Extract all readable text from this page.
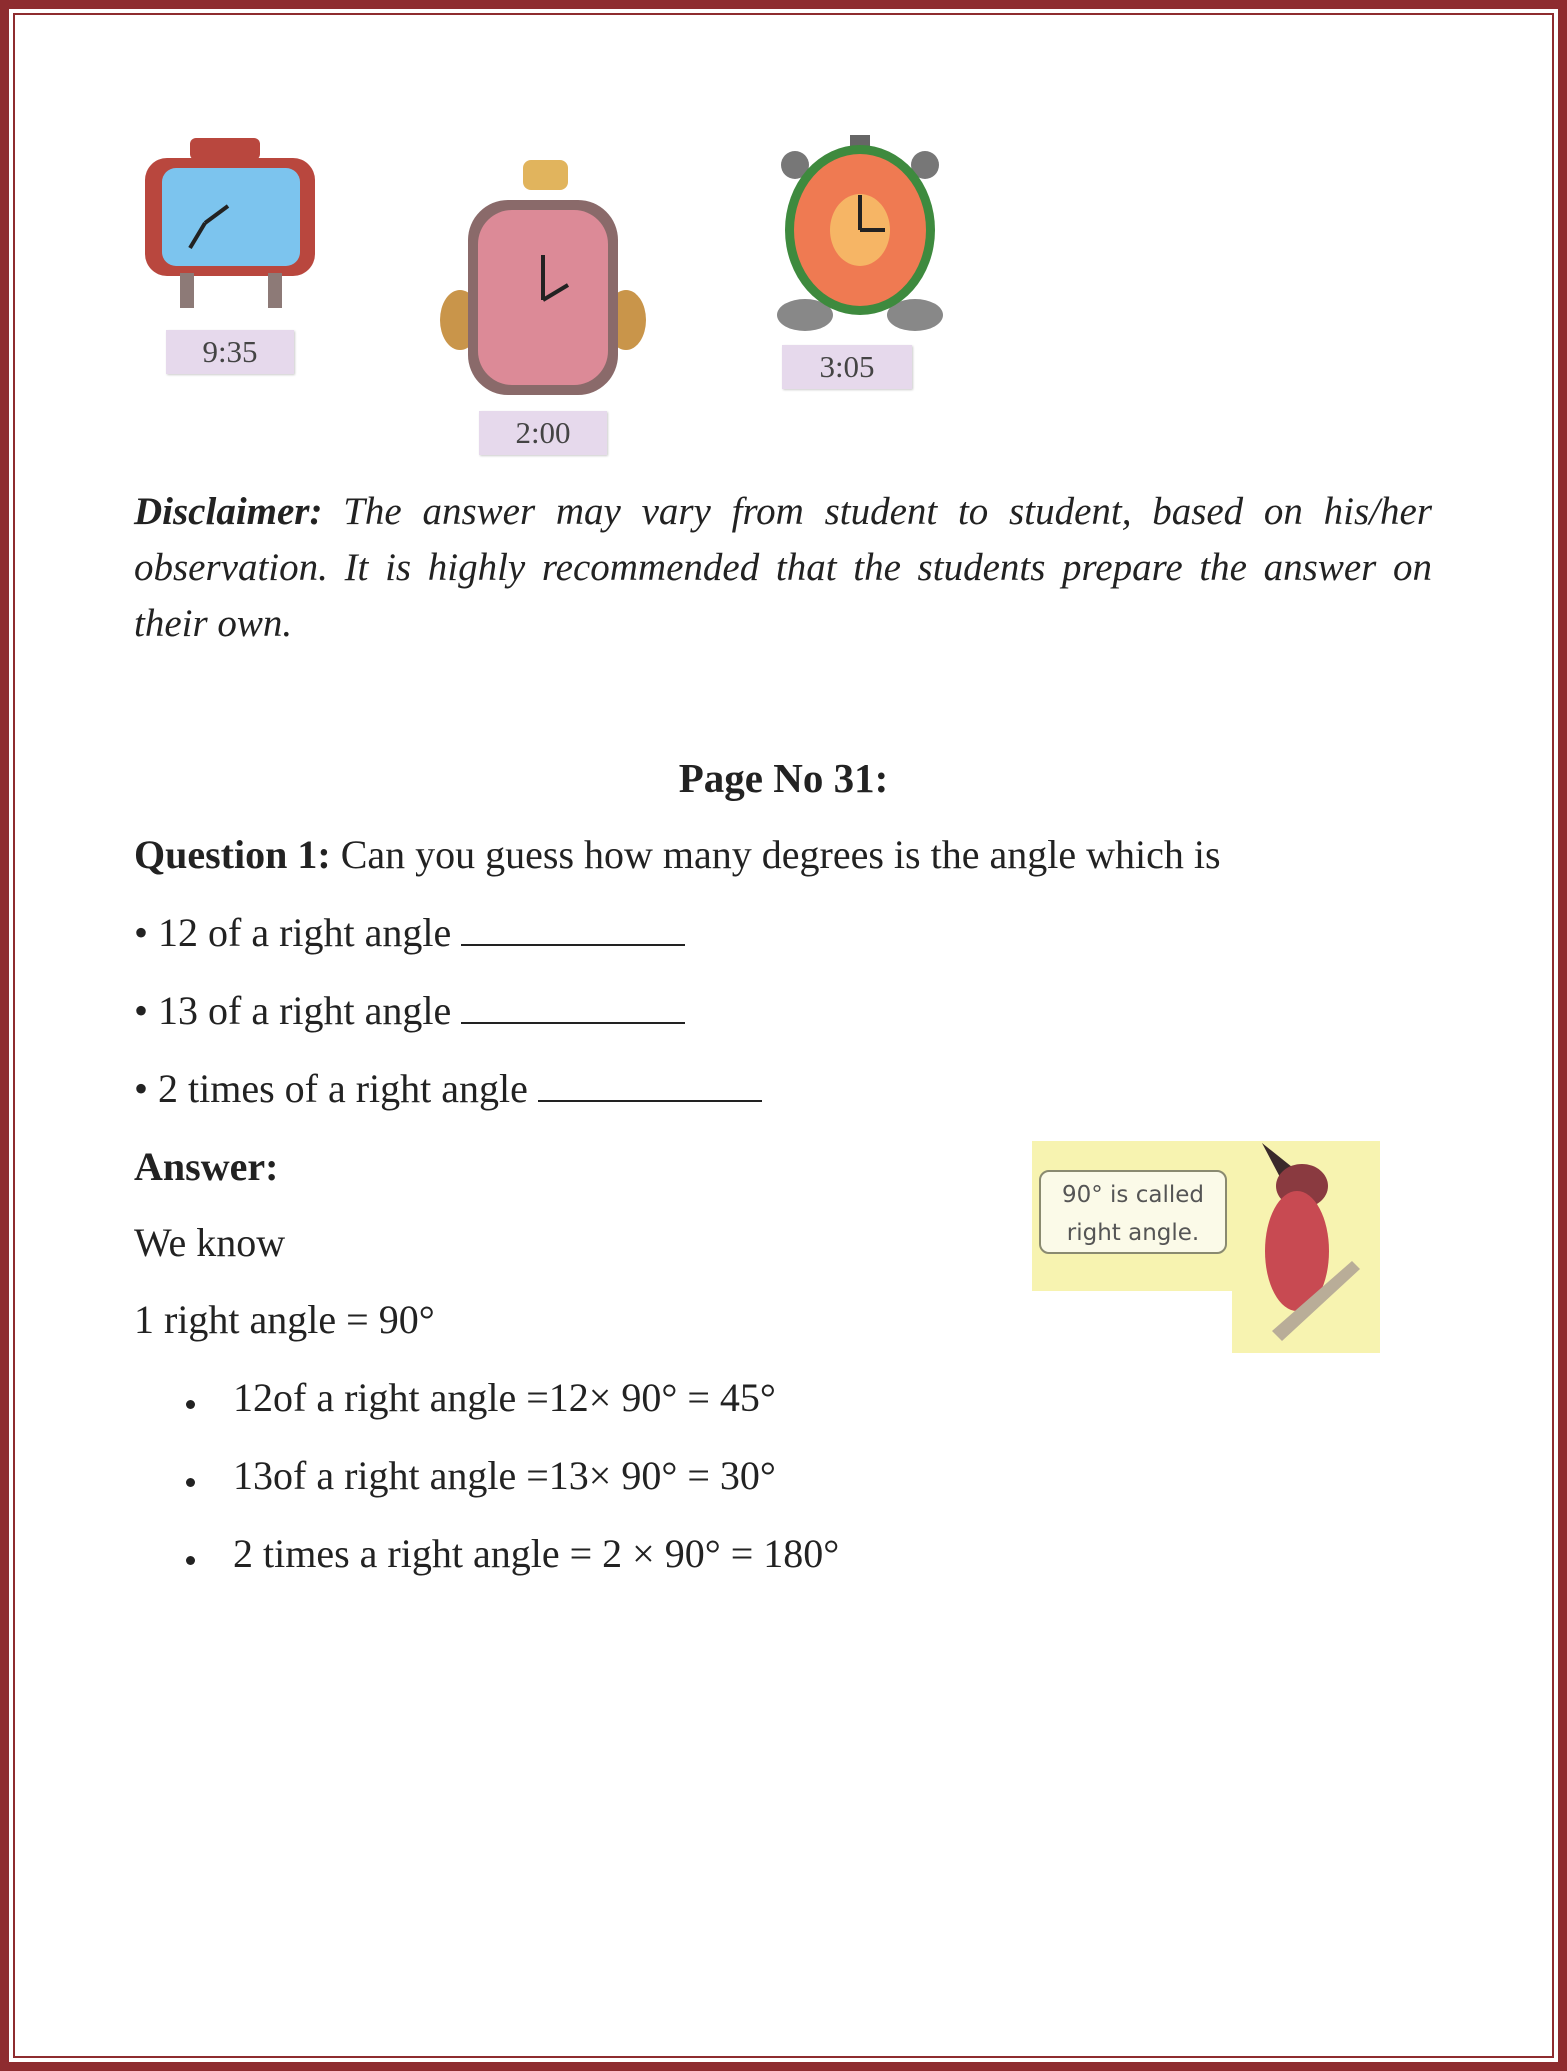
9:35
2:00
3:05
Disclaimer: The answer may vary from student to student, based on his/her observation. It is highly recommended that the students prepare the answer on their own.
Page No 31:
Question 1: Can you guess how many degrees is the angle which is
• 12 of a right angle
• 13 of a right angle
• 2 times of a right angle
Answer:
We know
1 right angle = 90°
12of a right angle =12× 90° = 45°
13of a right angle =13× 90° = 30°
2 times a right angle = 2 × 90° = 180°
90° is called
right angle.
